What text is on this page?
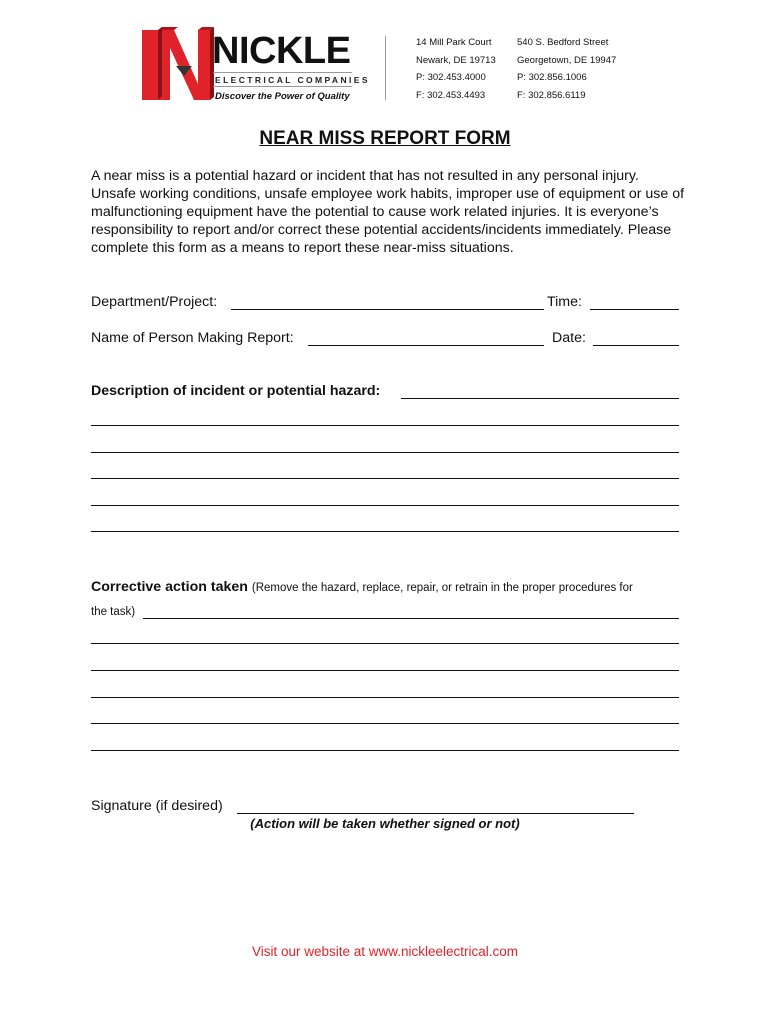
NICKLE
ELECTRICAL COMPANIES
Discover the Power of Quality
14 Mill Park Court
Newark, DE 19713
P: 302.453.4000
F: 302.453.4493
540 S. Bedford Street
Georgetown, DE 19947
P: 302.856.1006
F: 302.856.6119
NEAR MISS REPORT FORM
A near miss is a potential hazard or incident that has not resulted in any personal injury. Unsafe working conditions, unsafe employee work habits, improper use of equipment or use of malfunctioning equipment have the potential to cause work related injuries. It is everyone’s responsibility to report and/or correct these potential accidents/incidents immediately. Please complete this form as a means to report these near-miss situations.
Department/Project:	Time:
Name of Person Making Report:	Date:
Description of incident or potential hazard:
Corrective action taken (Remove the hazard, replace, repair, or retrain in the proper procedures for
the task)
Signature (if desired)
(Action will be taken whether signed or not)
Visit our website at www.nickleelectrical.com
